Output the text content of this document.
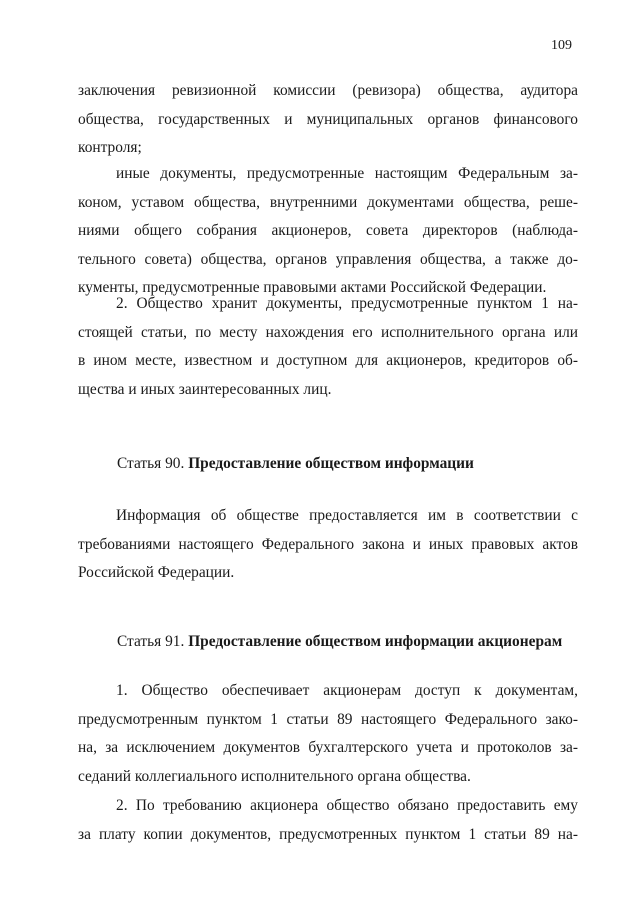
109
заключения ревизионной комиссии (ревизора) общества, аудитора
общества, государственных и муниципальных органов финансового
контроля;
иные документы, предусмотренные настоящим Федеральным за-
коном, уставом общества, внутренними документами общества, реше-
ниями общего собрания акционеров, совета директоров (наблюда-
тельного совета) общества, органов управления общества, а также до-
кументы, предусмотренные правовыми актами Российской Федерации.
2. Общество хранит документы, предусмотренные пунктом 1 на-
стоящей статьи, по месту нахождения его исполнительного органа или
в ином месте, известном и доступном для акционеров, кредиторов об-
щества и иных заинтересованных лиц.
Статья 90. Предоставление обществом информации
Информация об обществе предоставляется им в соответствии с
требованиями настоящего Федерального закона и иных правовых актов
Российской Федерации.
Статья 91. Предоставление обществом информации акционерам
1. Общество обеспечивает акционерам доступ к документам,
предусмотренным пунктом 1 статьи 89 настоящего Федерального зако-
на, за исключением документов бухгалтерского учета и протоколов за-
седаний коллегиального исполнительного органа общества.
2. По требованию акционера общество обязано предоставить ему
за плату копии документов, предусмотренных пунктом 1 статьи 89 на-
